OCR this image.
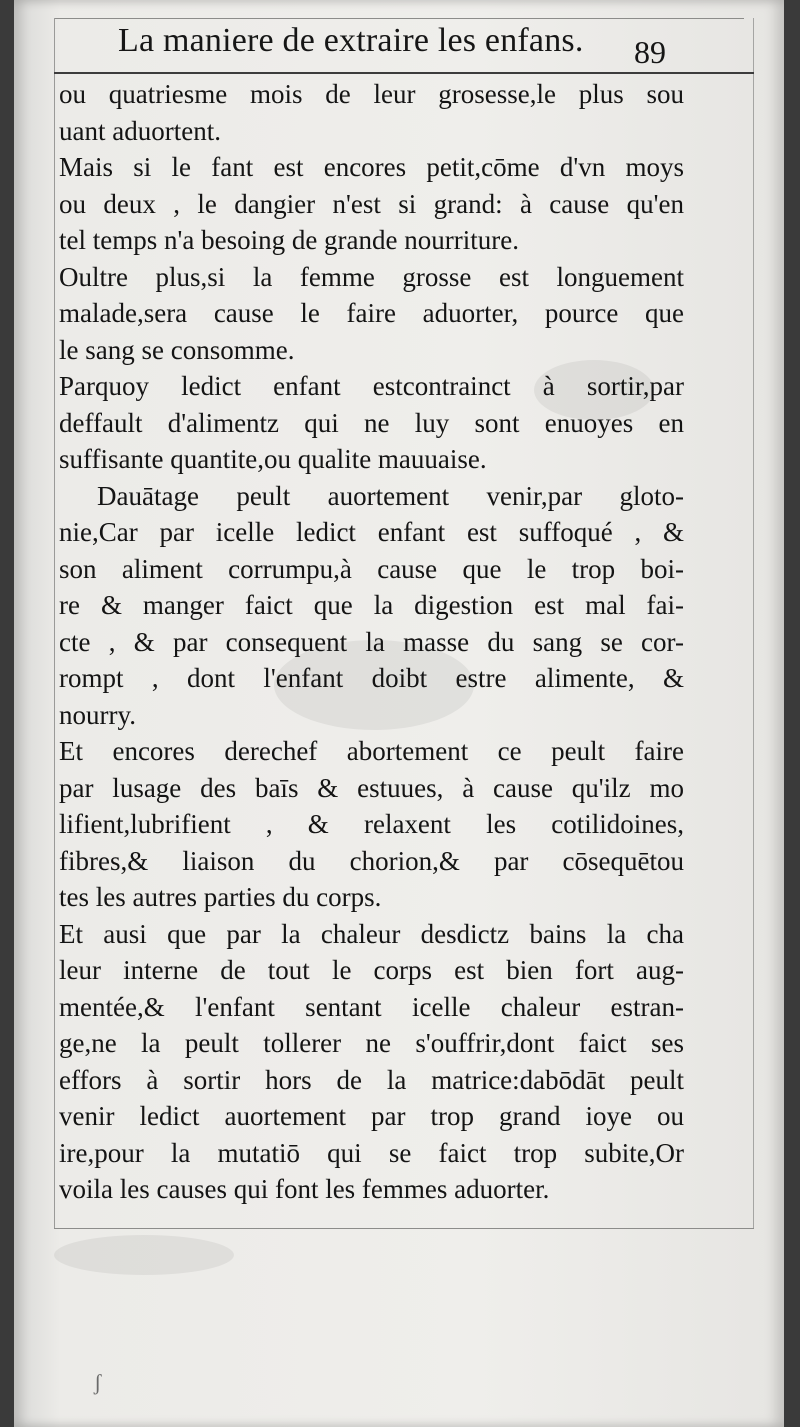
La maniere de extraire les enfans. 89
ou quatriesme mois de leur grosesse,le plus sou
uant aduortent.
Mais si le fant est encores petit,cōme d'vn moys
ou deux , le dangier n'est si grand: à cause qu'en
tel temps n'a besoing de grande nourriture.
Oultre plus,si la femme grosse est longuement
malade,sera cause le faire aduorter, pource que
le sang se consomme.
Parquoy ledict enfant estcontrainct à sortir,par
deffault d'alimentz qui ne luy sont enuoyes en
suffisante quantite,ou qualite mauuaise.
Dauātage peult auortement venir,par gloto-
nie,Car par icelle ledict enfant est suffoqué , &
son aliment corrumpu,à cause que le trop boi-
re & manger faict que la digestion est mal fai-
cte , & par consequent la masse du sang se cor-
rompt , dont l'enfant doibt estre alimente, &
nourry.
Et encores derechef abortement ce peult faire
par lusage des baīs & estuues, à cause qu'ilz mo
lifient,lubrifient , & relaxent les cotilidoines,
fibres,& liaison du chorion,& par cōsequētou
tes les autres parties du corps.
Et ausi que par la chaleur desdictz bains la cha
leur interne de tout le corps est bien fort aug-
mentée,& l'enfant sentant icelle chaleur estran-
ge,ne la peult tollerer ne s'ouffrir,dont faict ses
effors à sortir hors de la matrice:dabōdāt peult
venir ledict auortement par trop grand ioye ou
ire,pour la mutatiō qui se faict trop subite,Or
voila les causes qui font les femmes aduorter.
ʃ
